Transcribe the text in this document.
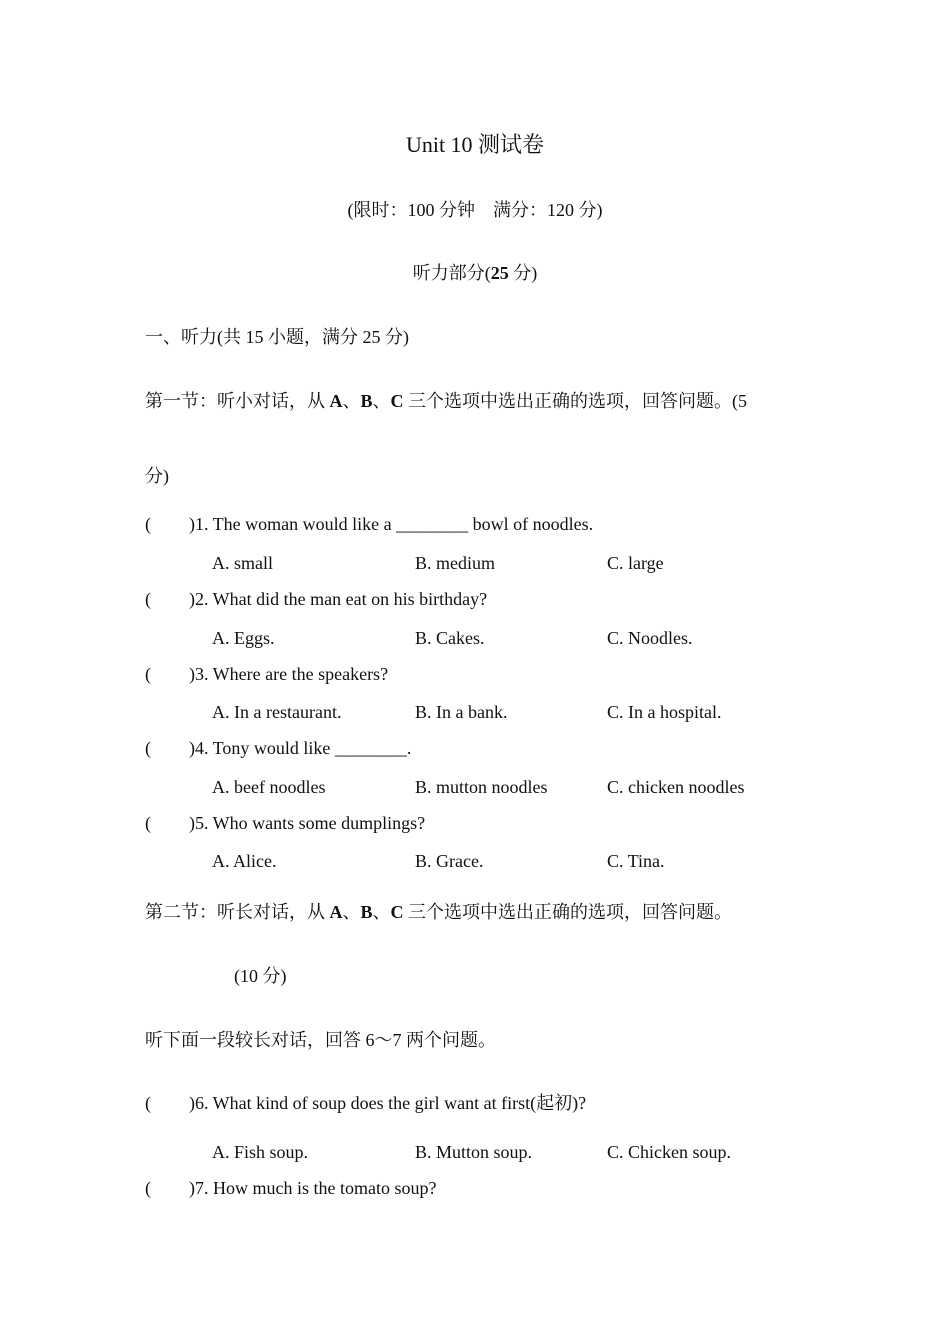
Unit 10 测试卷
(限时：100 分钟　满分：120 分)
听力部分(25 分)
一、听力(共 15 小题，满分 25 分)
第一节：听小对话，从 A、B、C 三个选项中选出正确的选项，回答问题。(5
分)
(	)1. The woman would like a ________ bowl of noodles.
A. small	B. medium	C. large
(	)2. What did the man eat on his birthday?
A. Eggs.	B. Cakes.	C. Noodles.
(	)3. Where are the speakers?
A. In a restaurant.	B. In a bank.	C. In a hospital.
(	)4. Tony would like ________.
A. beef noodles	B. mutton noodles	C. chicken noodles
(	)5. Who wants some dumplings?
A. Alice.	B. Grace.	C. Tina.
第二节：听长对话，从 A、B、C 三个选项中选出正确的选项，回答问题。
(10 分)
听下面一段较长对话，回答 6～7 两个问题。
(	)6. What kind of soup does the girl want at first(起初)?
A. Fish soup.	B. Mutton soup.	C. Chicken soup.
(	)7. How much is the tomato soup?
